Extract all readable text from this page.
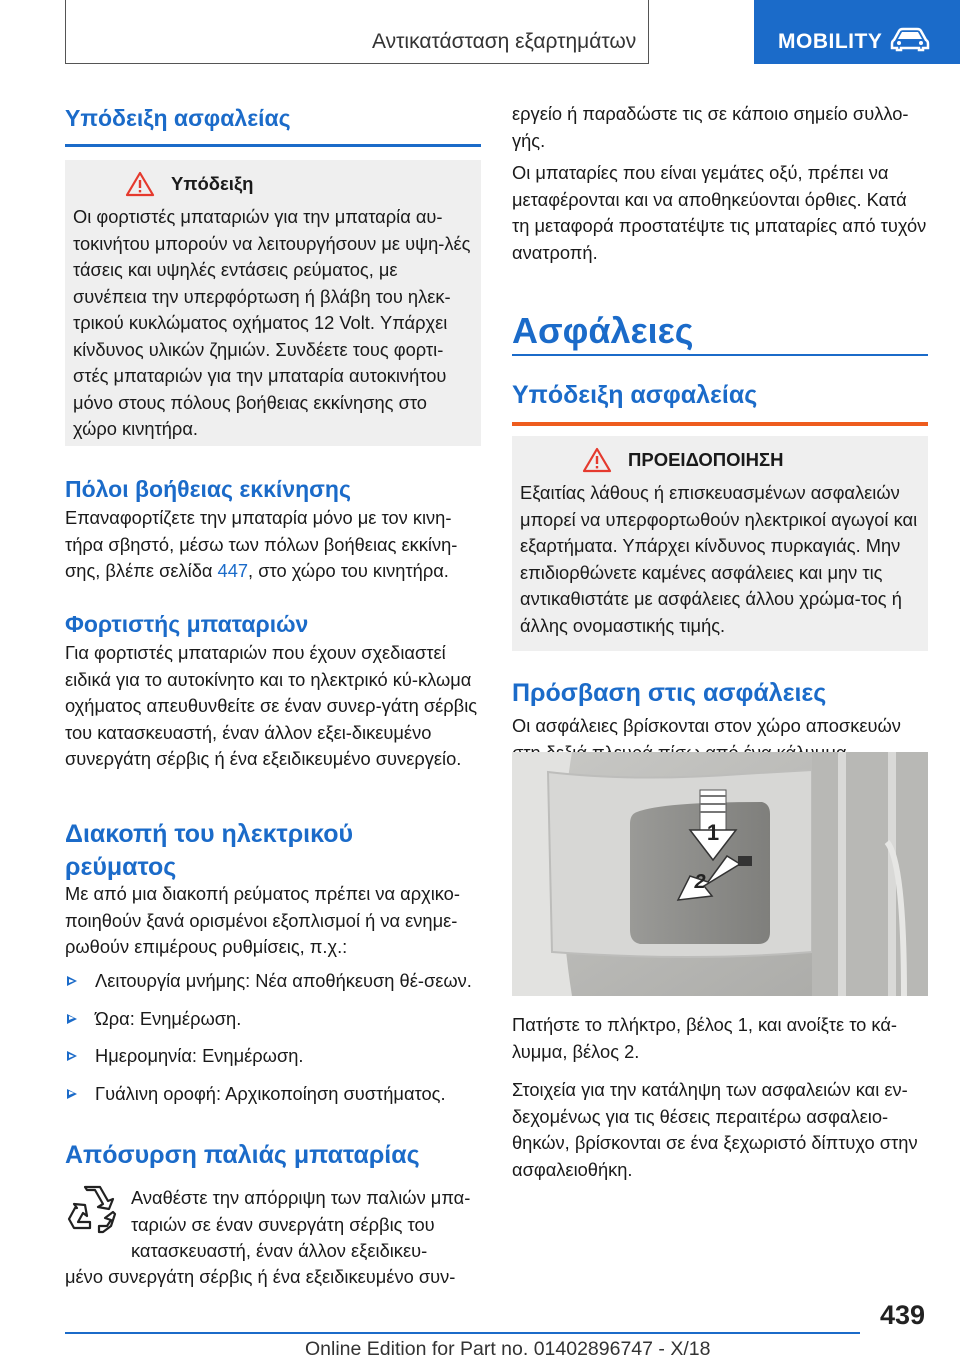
Αντικατάσταση εξαρτημάτων	MOBILITY
Υπόδειξη ασφαλείας
Υπόδειξη

Οι φορτιστές μπαταριών για την μπαταρία αυ-τοκινήτου μπορούν να λειτουργήσουν με υψη-λές τάσεις και υψηλές εντάσεις ρεύματος, με συνέπεια την υπερφόρτωση ή βλάβη του ηλεκ-τρικού κυκλώματος οχήματος 12 Volt. Υπάρχει κίνδυνος υλικών ζημιών. Συνδέετε τους φορτι-στές μπαταριών για την μπαταρία αυτοκινήτου μόνο στους πόλους βοήθειας εκκίνησης στο χώρο κινητήρα.

Πόλοι βοήθειας εκκίνησης

Επαναφορτίζετε την μπαταρία μόνο με τον κινη-τήρα σβηστό, μέσω των πόλων βοήθειας εκκίνη-σης, βλέπε σελίδα 447, στο χώρο του κινητήρα.

Φορτιστής μπαταριών

Για φορτιστές μπαταριών που έχουν σχεδιαστεί ειδικά για το αυτοκίνητο και το ηλεκτρικό κύ-κλωμα οχήματος απευθυνθείτε σε έναν συνερ-γάτη σέρβις του κατασκευαστή, έναν άλλον εξει-δικευμένο συνεργάτη σέρβις ή ένα εξειδικευμένο συνεργείο.

Διακοπή του ηλεκτρικού
ρεύματος

Με από μια διακοπή ρεύματος πρέπει να αρχικο-ποιηθούν ξανά ορισμένοι εξοπλισμοί ή να ενημε-ρωθούν επιμέρους ρυθμίσεις, π.χ.:

Λειτουργία μνήμης: Νέα αποθήκευση θέ-σεων.
Ώρα: Ενημέρωση.
Ημερομηνία: Ενημέρωση.
Γυάλινη οροφή: Αρχικοποίηση συστήματος.
Απόσυρση παλιάς μπαταρίας

Αναθέστε την απόρριψη των παλιών μπα-ταριών σε έναν συνεργάτη σέρβις του κατασκευαστή, έναν άλλον εξειδικευ-

μένο συνεργάτη σέρβις ή ένα εξειδικευμένο συν-

εργείο ή παραδώστε τις σε κάποιο σημείο συλλο-γής.

Οι μπαταρίες που είναι γεμάτες οξύ, πρέπει να μεταφέρονται και να αποθηκεύονται όρθιες. Κατά τη μεταφορά προστατέψτε τις μπαταρίες από τυχόν ανατροπή.

Ασφάλειες
Υπόδειξη ασφαλείας
ΠΡΟΕΙΔΟΠΟΙΗΣΗ

Εξαιτίας λάθους ή επισκευασμένων ασφαλειών μπορεί να υπερφορτωθούν ηλεκτρικοί αγωγοί και εξαρτήματα. Υπάρχει κίνδυνος πυρκαγιάς. Μην επιδιορθώνετε καμένες ασφάλειες και μην τις αντικαθιστάτε με ασφάλειες άλλου χρώμα-τος ή άλλης ονομαστικής τιμής.

Πρόσβαση στις ασφάλειες

Οι ασφάλειες βρίσκονται στον χώρο αποσκευών

1
2

Πατήστε το πλήκτρο, βέλος 1, και ανοίξτε το κά-λυμμα, βέλος 2.

Στοιχεία για την κατάληψη των ασφαλειών και εν-δεχομένως για τις θέσεις περαιτέρω ασφαλειο-θηκών, βρίσκονται σε ένα ξεχωριστό δίπτυχο στην ασφαλειοθήκη.

439
Online Edition for Part no. 01402896747 - X/18
